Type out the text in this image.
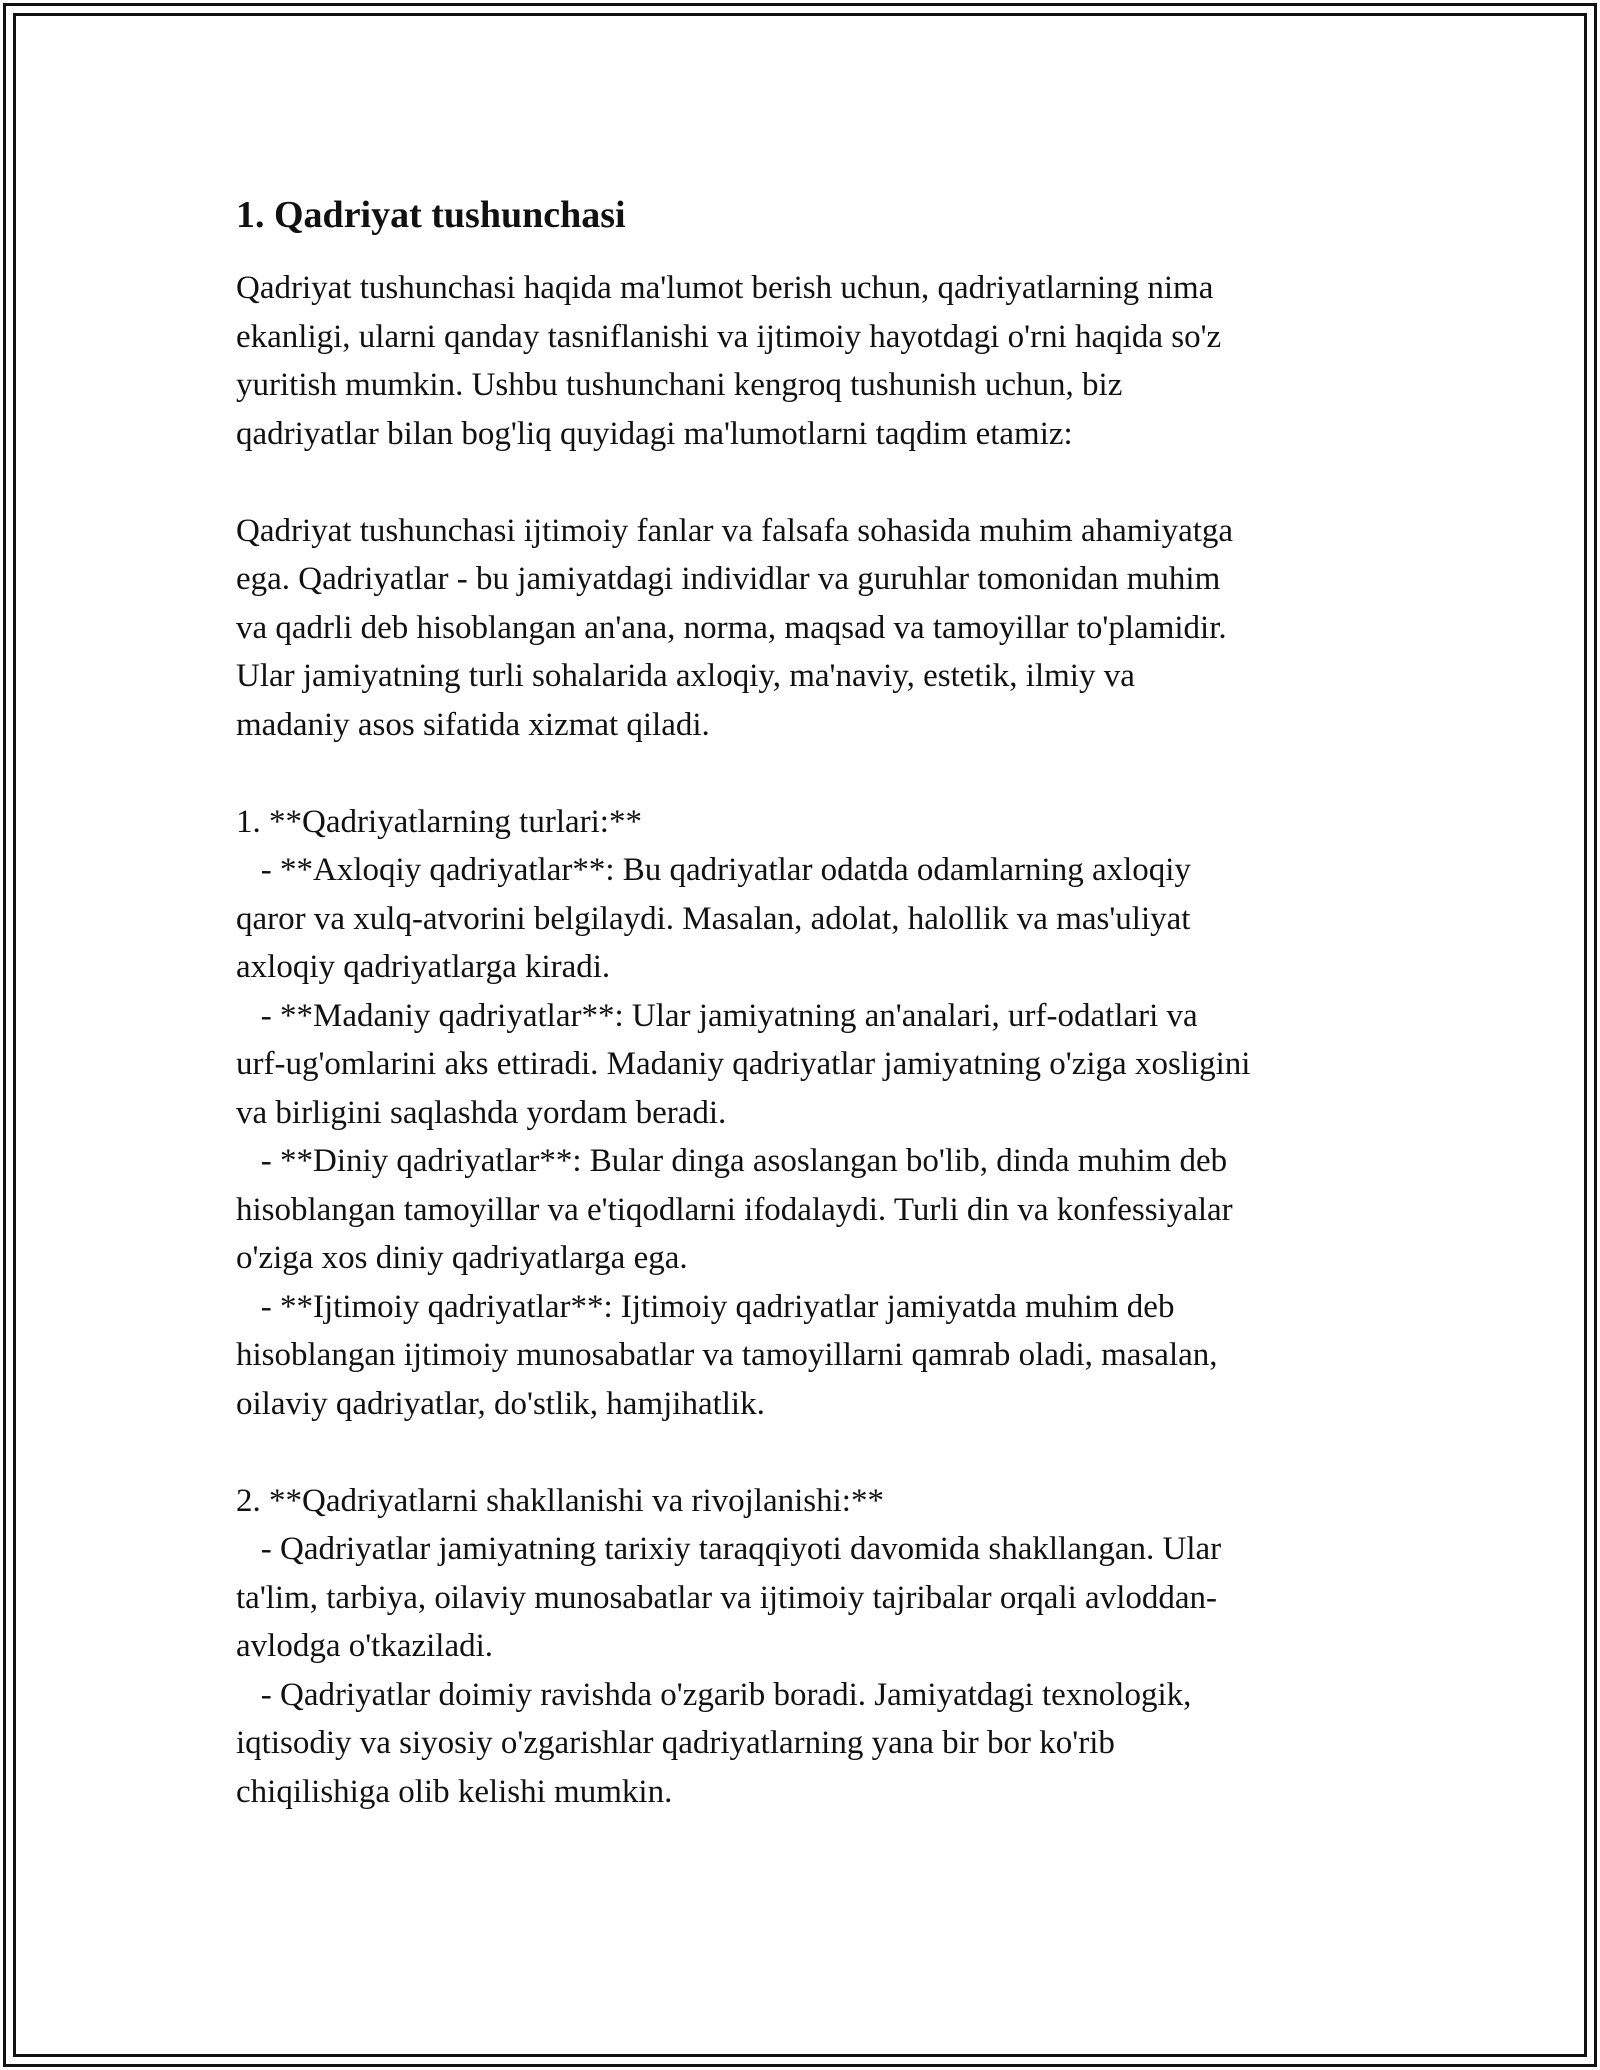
1. Qadriyat tushunchasi

Qadriyat tushunchasi haqida ma'lumot berish uchun, qadriyatlarning nima
ekanligi, ularni qanday tasniflanishi va ijtimoiy hayotdagi o'rni haqida so'z
yuritish mumkin. Ushbu tushunchani kengroq tushunish uchun, biz
qadriyatlar bilan bog'liq quyidagi ma'lumotlarni taqdim etamiz:

Qadriyat tushunchasi ijtimoiy fanlar va falsafa sohasida muhim ahamiyatga
ega. Qadriyatlar - bu jamiyatdagi individlar va guruhlar tomonidan muhim
va qadrli deb hisoblangan an'ana, norma, maqsad va tamoyillar to'plamidir.
Ular jamiyatning turli sohalarida axloqiy, ma'naviy, estetik, ilmiy va
madaniy asos sifatida xizmat qiladi.

1. **Qadriyatlarning turlari:**
- **Axloqiy qadriyatlar**: Bu qadriyatlar odatda odamlarning axloqiy
qaror va xulq-atvorini belgilaydi. Masalan, adolat, halollik va mas'uliyat
axloqiy qadriyatlarga kiradi.
- **Madaniy qadriyatlar**: Ular jamiyatning an'analari, urf-odatlari va
urf-ug'omlarini aks ettiradi. Madaniy qadriyatlar jamiyatning o'ziga xosligini
va birligini saqlashda yordam beradi.
- **Diniy qadriyatlar**: Bular dinga asoslangan bo'lib, dinda muhim deb
hisoblangan tamoyillar va e'tiqodlarni ifodalaydi. Turli din va konfessiyalar
o'ziga xos diniy qadriyatlarga ega.
- **Ijtimoiy qadriyatlar**: Ijtimoiy qadriyatlar jamiyatda muhim deb
hisoblangan ijtimoiy munosabatlar va tamoyillarni qamrab oladi, masalan,
oilaviy qadriyatlar, do'stlik, hamjihatlik.

2. **Qadriyatlarni shakllanishi va rivojlanishi:**
- Qadriyatlar jamiyatning tarixiy taraqqiyoti davomida shakllangan. Ular
ta'lim, tarbiya, oilaviy munosabatlar va ijtimoiy tajribalar orqali avloddan-
avlodga o'tkaziladi.
- Qadriyatlar doimiy ravishda o'zgarib boradi. Jamiyatdagi texnologik,
iqtisodiy va siyosiy o'zgarishlar qadriyatlarning yana bir bor ko'rib
chiqilishiga olib kelishi mumkin.
